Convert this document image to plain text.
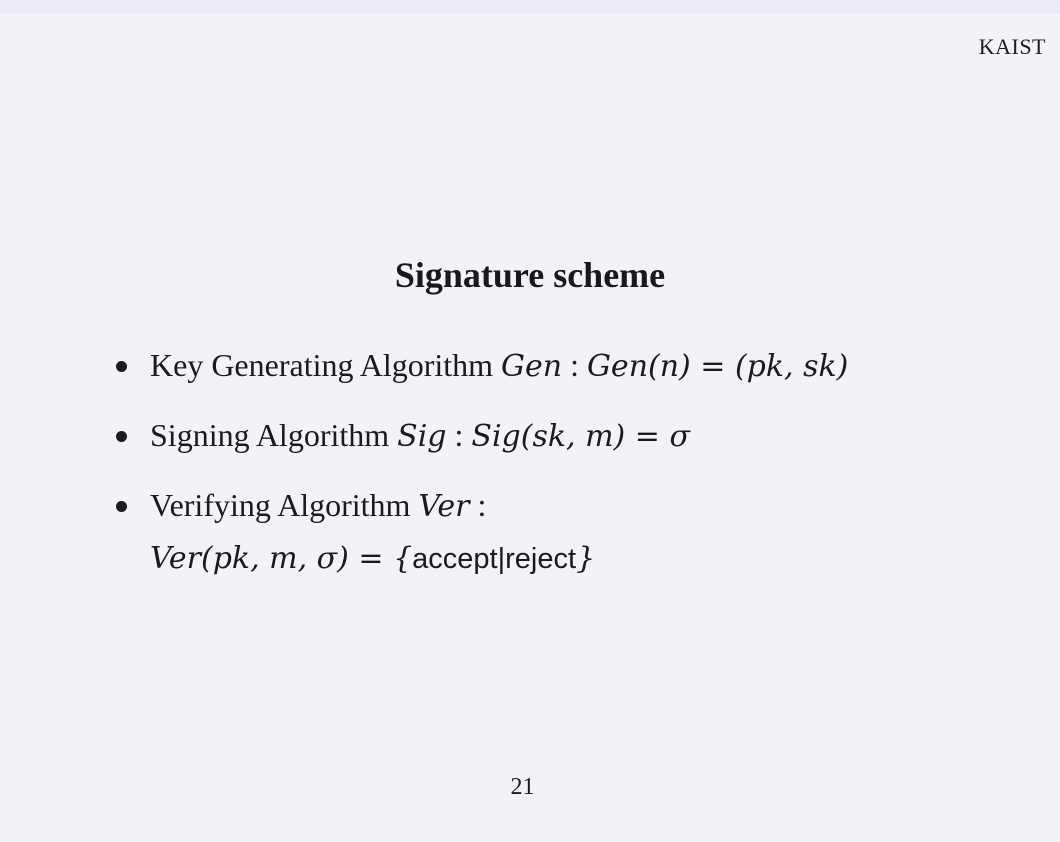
KAIST
Signature scheme
Key Generating Algorithm Gen : Gen(n) = (pk, sk)
Signing Algorithm Sig : Sig(sk, m) = σ
Verifying Algorithm Ver :
Ver(pk, m, σ) = {accept|reject}
21
